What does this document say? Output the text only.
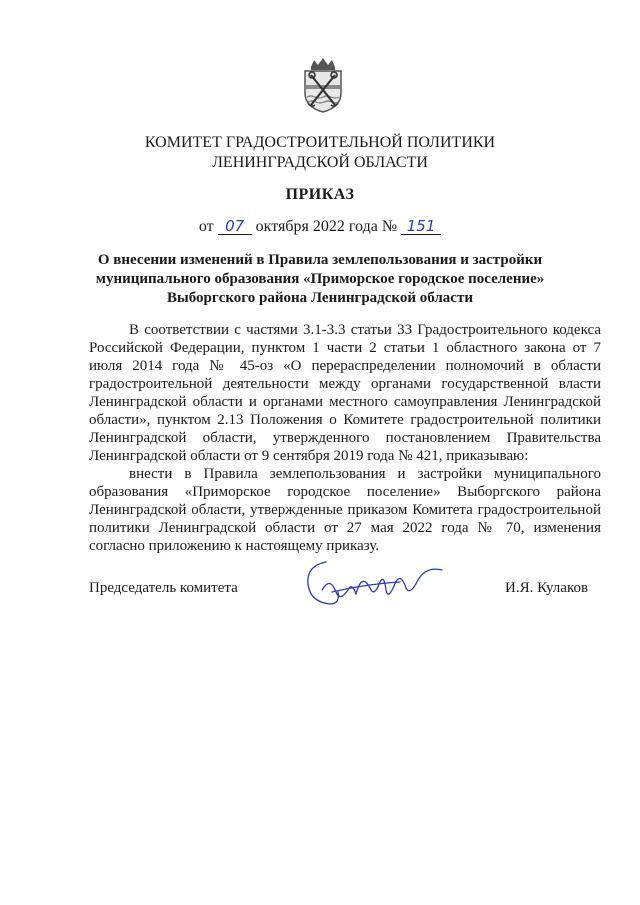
КОМИТЕТ ГРАДОСТРОИТЕЛЬНОЙ ПОЛИТИКИ
ЛЕНИНГРАДСКОЙ ОБЛАСТИ
ПРИКАЗ
от 07 октября 2022 года № 151
О внесении изменений в Правила землепользования и застройки
муниципального образования «Приморское городское поселение»
Выборгского района Ленинградской области

В соответствии с частями 3.1-3.3 статьи 33 Градостроительного кодекса Российской Федерации, пунктом 1 части 2 статьи 1 областного закона от 7 июля 2014 года № 45-оз «О перераспределении полномочий в области градостроительной деятельности между органами государственной власти Ленинградской области и органами местного самоуправления Ленинградской области», пунктом 2.13 Положения о Комитете градостроительной политики Ленинградской области, утвержденного постановлением Правительства Ленинградской области от 9 сентября 2019 года № 421, приказываю:

внести в Правила землепользования и застройки муниципального образования «Приморское городское поселение» Выборгского района Ленинградской области, утвержденные приказом Комитета градостроительной политики Ленинградской области от 27 мая 2022 года № 70, изменения согласно приложению к настоящему приказу.

Председатель комитета	И.Я. Кулаков
